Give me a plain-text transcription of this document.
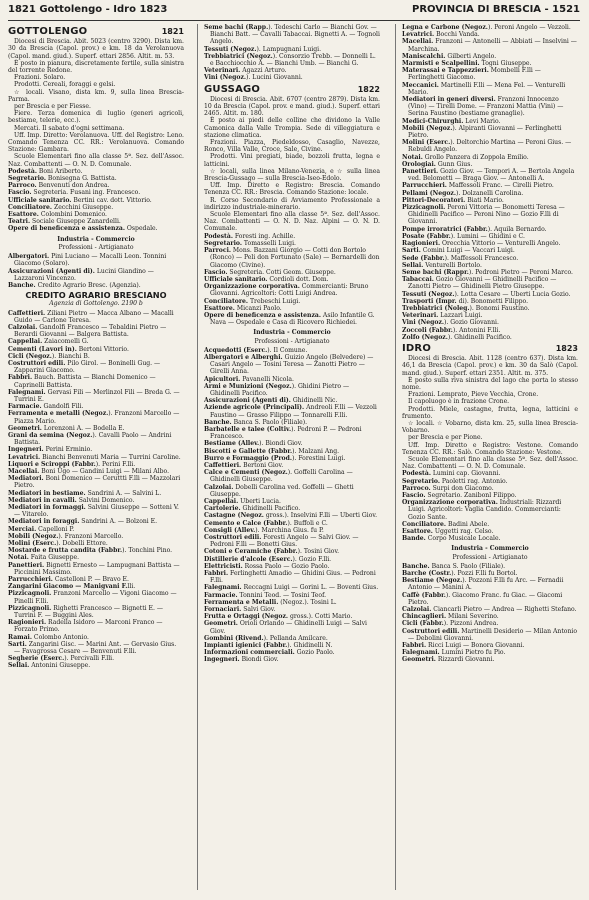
1821 Gottolengo - Idro 1823	PROVINCIA DI BRESCIA - 1521
GOTTOLENGO	1821
Diocesi di Brescia. Abit. 5023 (centro 3290). Dista km. 30 da Brescia (Capol. prov.) e km. 18 da Verolanuova (Capol. mand. giud.). Superf. ettari 2856. Altit. m. 53.
È posto in pianura, discretamente fertile, sulla sinistra del torrente Redone.
Frazioni. Solaro.
Prodotti. Cereali, foraggi e gelsi.
☆ locali. Visano, dista km. 9, sulla linea Brescia-Parma.
per Brescia e per Fiesse.
Fiere. Terza domenica di luglio (generi agricoli, bestiame, telerie, ecc.).
Mercati. Il sabato d'ogni settimana.
Uff. Imp. Diretto: Verolanuova. Uff. del Registro: Leno. Comando Tenenza CC. RR.: Verolanuova. Comando Stazione: Gambara.
Scuole Elementari fino alla classe 5ª. Sez. dell'Assoc. Naz. Combattenti — O. N. D. Comunale.
Podestà. Boni Ariberto.
Segretario. Bonisegna G. Battista.
Parroco. Benvenuti don Andrea.
Fascio. Segreteria. Fusani ing. Francesco.
Ufficiale sanitario. Bertini cav. dott. Vittorio.
Conciliatore. Zecchini Giuseppe.
Esattore. Colombini Domenico.
Teatri. Sociale Giuseppe Zanardelli.
Opere di beneficenza e assistenza. Ospedale.
Industria - Commercio
Professioni - Artigianato
Albergatori. Pini Luciano — Macalli Leon. Tonnini Giacomo (Solaro).
Assicurazioni (Agenti di). Lucini Giandino — Lazzaroni Vincenzo.
Banche. Credito Agrario Bresc. (Agenzia).
CREDITO AGRARIO BRESCIANO
Agenzia di Gottolengo. 2190 b
Caffettieri. Ziliani Pietro — Macca Albano — Macalli Guido — Carlone Teresa.
Calzolai. Gandolfi Francesco — Tebaldini Pietro — Berardi Giovanni — Balgera Battista.
Cappellai. Zaiacomelli G.
Cementi (Lavori in). Bertoni Vittorio.
Cicli (Negoz.). Bianchi B.
Costruttori edili. Pilo Girol. — Boninelli Gug. — Zapparini Giacomo.
Fabbri. Bauch. Battista — Bianchi Domenico — Caprinelli Battista.
Falegnami. Gervasi Fili — Merlinzol Fili — Breda G. — Turrini E.
Farmacie. Gandolfi Fili.
Ferramenta e metalli (Negoz.). Franzoni Marcello — Piazza Mario.
Geometri. Lorenzoni A. — Bodella E.
Grani da semina (Negoz.). Cavalli Paolo — Andrini Battista.
Ingegneri. Perini Erminio.
Levatrici. Bianchi Benvenuti Maria — Turrini Caroline.
Liquori e Sciroppi (Fabbr.). Perini F.lli.
Macellai. Boni Ugo — Gandini Luigi — Milani Albo.
Mediatori. Boni Domenico — Ceruttti F.lli — Mazzolari Pietro.
Mediatori in bestiame. Sandrini A. — Salvini L.
Mediatori in cavalli. Salvini Domenico.
Mediatori in formaggi. Salvini Giuseppe — Sotteni V. — Vitarelo.
Mediatori in foraggi. Sandrini A. — Bolzoni E.
Merciai. Capelloni P.
Mobili (Negoz.). Franzoni Marcello.
Molini (Eserc.). Dobelli Ettore.
Mostarde e frutta candita (Fabbr.). Tonchini Pino.
Notai. Faita Giuseppe.
Panettieri. Bignetti Ernesto — Lampugnani Battista — Piccinini Massimo.
Parrucchieri. Castelloni P. — Bravo E.
Zangarini Giacomo — Manigvani F.lli.
Pizzicagnoli. Franzoni Marcello — Vigoni Giacomo — Pinelli F.lli.
Pizzicagnoli. Righetti Francesco — Bignetti E. — Turrini F. — Buggini Ales.
Ragionieri. Radella Isidoro — Marconi Franco — Forzato Primo.
Ramai. Colombo Antonio.
Sarti. Zangarini Gisc. — Marini Ant. — Gervasio Gius. — Favagrossa Cesare — Benvenuti F.lli.
Segherie (Eserc.). Percivalli F.lli.
Sellai. Antonini Giuseppe.
Seme bachi (Rapp.). Tedeschi Carlo — Bianchi Gov. — Bianchi Batt. — Cavalli Tabaccai. Bignetti A. — Tognoli Angelo.
Tessuti (Negoz.). Lampugnani Luigi.
Trebbiatrici (Negoz.). Consorzio Trebb. — Donnelli L. e Bacchiocchio A. — Bianchi Umb. — Bianchi G.
Veterinari. Agazzi Arturo.
Vini (Negoz.). Lucini Giovanni.
GUSSAGO	1822
Diocesi di Brescia. Abit. 6707 (centro 2879). Dista km. 10 da Brescia (Capol. prov. e mand. giud.). Superf. ettari 2465. Altit. m. 180.
È posto ai piedi delle colline che dividono la Valle Camonica dalla Valle Trompia. Sede di villeggiatura e stazione climatica.
Frazioni. Piazza, Piedeldosso, Casaglio, Navezze, Ronco, Villa Valle, Croce, Sale, Civine.
Prodotti. Vini pregiati, biade, bozzoli frutta, legna e latticini.
☆ locali, sulla linea Milano-Venezia, e ☆ sulla linea Brescia-Gussago — sulla Brescia-Iseo-Edolo.
Uff. Imp. Diretto e Registro: Brescia. Comando Tenenza CC. RR.: Brescia. Comando Stazione: locale.
R. Corso Secondario di Avviamento Professionale a indirizzo industriale-minerario.
Scuole Elementari fino alla classe 5ª. Sez. dell'Assoc. Naz. Combattenti — O. N. D. Naz. Alpini — O. N. D. Comunale.
Podestà. Foresti ing. Achille.
Segretario. Tomasselli Luigi.
Parroci. Mons. Bazzani Giorgio — Cotti don Bortolo (Ronco) — Peli don Fortunato (Sale) — Bernardelli don Giacomo (Civine).
Fascio. Segreteria. Cotti Geom. Giuseppe.
Ufficiale sanitario. Cordioli dott. Dom.
Organizzazione corporativa. Commercianti: Bruno Giovanni. Agricoltori: Cotti Luigi Andrea.
Conciliatore. Trebeschi Luigi.
Esattore. Micanzi Paolo.
Opere di beneficenza e assistenza. Asilo Infantile G. Nava — Ospedale e Casa di Ricovero Richiedei.
Industria - Commercio
Professioni - Artigianato
Acquedotti (Eserc.). Il Comune.
Albergatori e Alberghi. Guizio Angelo (Belvedere) — Casari Angelo — Tosini Teresa — Zanotti Pietro — Girelli Anna.
Apicultori. Pavanelli Nicola.
Armi e Munizioni (Negoz.). Ghidini Pietro — Ghidinelli Pacifico.
Assicurazioni (Agenti di). Ghidinelli Nic.
Aziende agricole (Principali). Andreoli F.lli — Vezzoli Faustino — Grasso Filippo — Tonnarelli F.lli.
Banche. Banca S. Paolo (Filiale).
Barbatelle e talee (Coltiv.). Pedroni P. — Pedroni Francesco.
Bestiame (Allev.). Biondi Giov.
Biscotti e Gallette (Fabbr.). Malzani Ang.
Burro e Formaggio (Prod.). Forestini Luigi.
Caffettieri. Bertoni Giov.
Calce e Cementi (Negoz.). Goffelli Carolina — Ghidinelli Giuseppe.
Calzolai. Dobelli Carolina ved. Goffelli — Ghetti Giuseppe.
Cappellai. Uberti Lucia.
Cartolerie. Ghidinelli Pacifico.
Castagne (Negoz. gross.). Inselvini F.lli — Uberti Giov.
Cemento e Calce (Fabbr.). Buffoli e C.
Consigli (Allev.). Marchina Gius. fu P.
Costruttori edili. Foresti Angelo — Salvi Giov. — Pedroni F.lli — Bonetti Gius.
Cotoni e Ceramiche (Fabbr.). Tosini Giov.
Distillerie d'alcole (Eserc.). Gozio F.lli.
Elettricisti. Rossa Paolo — Gozio Paolo.
Fabbri. Ferlinghetti Amadio — Ghidini Gius. — Pedroni F.lli.
Falegnami. Reccagni Luigi — Gorini L. — Boventi Gius.
Farmacie. Tonnini Teod. — Tosini Teof.
Ferramenta e Metalli. (Negoz.). Tosini L.
Fornaciari. Salvi Giov.
Frutta e Ortaggi (Negoz. gross.). Cotti Mario.
Geometri. Orioli Orlando — Ghidinelli Luigi — Salvi Giov.
Gombini (Rivend.). Pellanda Amilcare.
Impianti igienici (Fabbr.). Ghidinelli N.
Informazioni commerciali. Gozio Paolo.
Ingegneri. Biondi Giov.
Legna e Carbone (Negoz.). Peroni Angelo — Vezzoli.
Levatrici. Bocchi Vanda.
Macellai. Franzoni — Antonelli — Abbiati — Inselvini — Marchina.
Maniscalchi. Gilberti Angelo.
Marmisti e Scalpellini. Togni Giuseppe.
Materassai e Tappezzieri. Mombelli F.lli — Ferlinghetti Giacomo.
Meccanici. Martinelli F.lli — Mena Fel. — Venturelli Mario.
Mediatori in generi diversi. Franzoni Innocenzo (Vino) — Tirelli Dome. — Franzoni Mattia (Vini) — Serina Faustino (bestiame granaglie).
Medici-Chirurghi. Levi Mario.
Mobili (Negoz.). Alpiranti Giovanni — Ferlinghetti Pietro.
Molini (Eserc.). Deltorchio Martina — Peroni Gius. — Rebuldi Angelo.
Notai. Grollo Panzera di Zoppola Emilio.
Orologiai. Gunn Gius.
Panettieri. Gozio Giov. — Tempori A. — Bertola Angela ved. Belometti — Braga Giov. — Antonelli A.
Parrucchieri. Maffessoli Franc. — Cirelli Pietro.
Pellami (Negoz.). Dolzanelli Carolina.
Pittori-Decoratori. Biati Mario.
Pizzicagnoli. Peroni Vittoria — Bonometti Teresa — Ghidinelli Pacifico — Peroni Nino — Gozio F.lli di Giovanni.
Pompe irroratrici (Fabbr.). Aquila Bernardo.
Posate (Fabbr.). Lumini — Ghidini e C.
Ragionieri. Orecchia Vittorio — Venturelli Angelo.
Sarti. Comini Luigi — Vaccari Luigi.
Sede (Fabbr.). Maffessoli Francesco.
Sellai. Venturelli Bortolo.
Seme bachi (Rappr.). Pedroni Pietro — Peroni Marco.
Tabaccai. Gozio Giovanni — Ghidinelli Pacifico — Zanotti Pietro — Ghidinelli Pietro Giuseppe.
Tessuti (Negoz.). Lotta Cesare — Uberti Lucia Gozio.
Trasporti (Impr. di). Bonometti Filippo.
Trebbiatrici (Noleg.). Bonomi Faustino.
Veterinari. Lazzari Luigi.
Vini (Negoz.). Gozio Giovanni.
Zoccoli (Fabbr.). Antonini F.lli.
Zolfo (Negoz.). Ghidinelli Pacifico.
IDRO	1823
Diocesi di Brescia. Abit. 1128 (centro 637). Dista km. 46,1 da Brescia (Capol. prov.) e km. 30 da Salò (Capol. mand. giud.). Superf. ettari 2351. Altit. m. 375.
È posto sulla riva sinistra del lago che porta lo stesso nome.
Frazioni. Lemprato, Pieve Vecchia, Crone.
Il capoluogo è in frazione Crone.
Prodotti. Miele, castagne, frutta, legna, latticini e frumento.
☆ locali. ☆ Vobarno, dista km. 25, sulla linea Brescia-Vobarno.
per Brescia e per Pione.
Uff. Imp. Diretto e Registro: Vestone. Comando Tenenza CC. RR.: Salò. Comando Stazione: Vestone.
Scuole Elementari fino alla classe 5ª. Sez. dell'Assoc. Naz. Combattenti — O. N. D. Comunale.
Podestà. Lumini cap. Giovanni.
Segretario. Paoletti rag. Antonio.
Parroco. Surpi don Giacomo.
Fascio. Segretario. Zanibonl Filippo.
Organizzazione corporativa. Industriali: Rizzardi Luigi. Agricoltori: Vaglia Candido. Commercianti: Gozio Sante.
Conciliatore. Badini Abele.
Esattore. Uggetti rag. Celso.
Bande. Corpo Musicale Locale.
Industria - Commercio
Professioni - Artigianato
Banche. Banca S. Paolo (Filiale).
Barche (Costr.). Pozzi F.lli fu Bortol.
Bestiame (Negoz.). Pozzoni F.lli fu Arc. — Fernadii Antonio — Manini A.
Caffè (Fabbr.). Giacomo Franc. fu Giac. — Giacomi Pietro.
Calzolai. Ciancarli Pietro — Andrea — Righetti Stefano.
Chincaglieri. Milani Severino.
Cicli (Fabbr.). Pizzoni Andrea.
Costruttori edili. Martinelli Desiderio — Milan Antonio — Debolini Giovanni.
Fabbri. Ricci Luigi — Bonora Giovanni.
Falegnami. Lumini Pietro fu Pio.
Geometri. Rizzardi Giovanni.
